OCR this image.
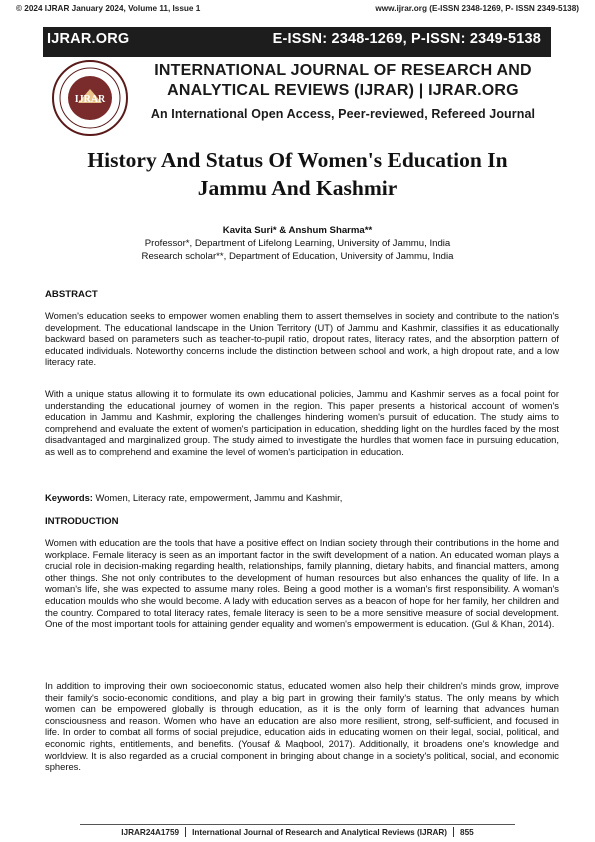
© 2024 IJRAR January 2024, Volume 11, Issue 1	www.ijrar.org (E-ISSN 2348-1269, P- ISSN 2349-5138)
IJRAR.ORG	E-ISSN: 2348-1269, P-ISSN: 2349-5138
IJRAR
INTERNATIONAL JOURNAL OF RESEARCH AND
ANALYTICAL REVIEWS (IJRAR) | IJRAR.ORG
An International Open Access, Peer-reviewed, Refereed Journal
History And Status Of Women's Education In
Jammu And Kashmir
Kavita Suri* & Anshum Sharma**
Professor*, Department of Lifelong Learning, University of Jammu, India
Research scholar**, Department of Education, University of Jammu, India
ABSTRACT
Women's education seeks to empower women enabling them to assert themselves in society and contribute to the nation's development. The educational landscape in the Union Territory (UT) of Jammu and Kashmir, classifies it as educationally backward based on parameters such as teacher-to-pupil ratio, dropout rates, literacy rates, and the absorption pattern of educated individuals. Noteworthy concerns include the distinction between school and work, a high dropout rate, and a low literacy rate.
With a unique status allowing it to formulate its own educational policies, Jammu and Kashmir serves as a focal point for understanding the educational journey of women in the region. This paper presents a historical account of women's education in Jammu and Kashmir, exploring the challenges hindering women's pursuit of education. The study aims to comprehend and evaluate the extent of women's participation in education, shedding light on the hurdles faced by the most disadvantaged and marginalized group. The study aimed to investigate the hurdles that women face in pursuing education, as well as to comprehend and examine the level of women's participation in education.
Keywords: Women, Literacy rate, empowerment, Jammu and Kashmir,
INTRODUCTION
Women with education are the tools that have a positive effect on Indian society through their contributions in the home and workplace. Female literacy is seen as an important factor in the swift development of a nation. An educated woman plays a crucial role in decision-making regarding health, relationships, family planning, dietary habits, and financial matters, among other things. She not only contributes to the development of human resources but also enhances the quality of life. In a woman's life, she was expected to assume many roles. Being a good mother is a woman's first responsibility. A woman's education moulds who she would become. A lady with education serves as a beacon of hope for her family, her children and the country. Compared to total literacy rates, female literacy is seen to be a more sensitive measure of social development. One of the most important tools for attaining gender equality and women's empowerment is education. (Gul & Khan, 2014).
In addition to improving their own socioeconomic status, educated women also help their children's minds grow, improve their family's socio-economic conditions, and play a big part in growing their family's status. The only means by which women can be empowered globally is through education, as it is the only form of learning that advances human consciousness and reason. Women who have an education are also more resilient, strong, self-sufficient, and focused in life. In order to combat all forms of social prejudice, education aids in educating women on their legal, social, political, and economic rights, entitlements, and benefits. (Yousaf & Maqbool, 2017). Additionally, it broadens one's knowledge and worldview. It is also regarded as a crucial component in bringing about change in a society's political, social, and economic spheres.
IJRAR24A1759 International Journal of Research and Analytical Reviews (IJRAR) 855
